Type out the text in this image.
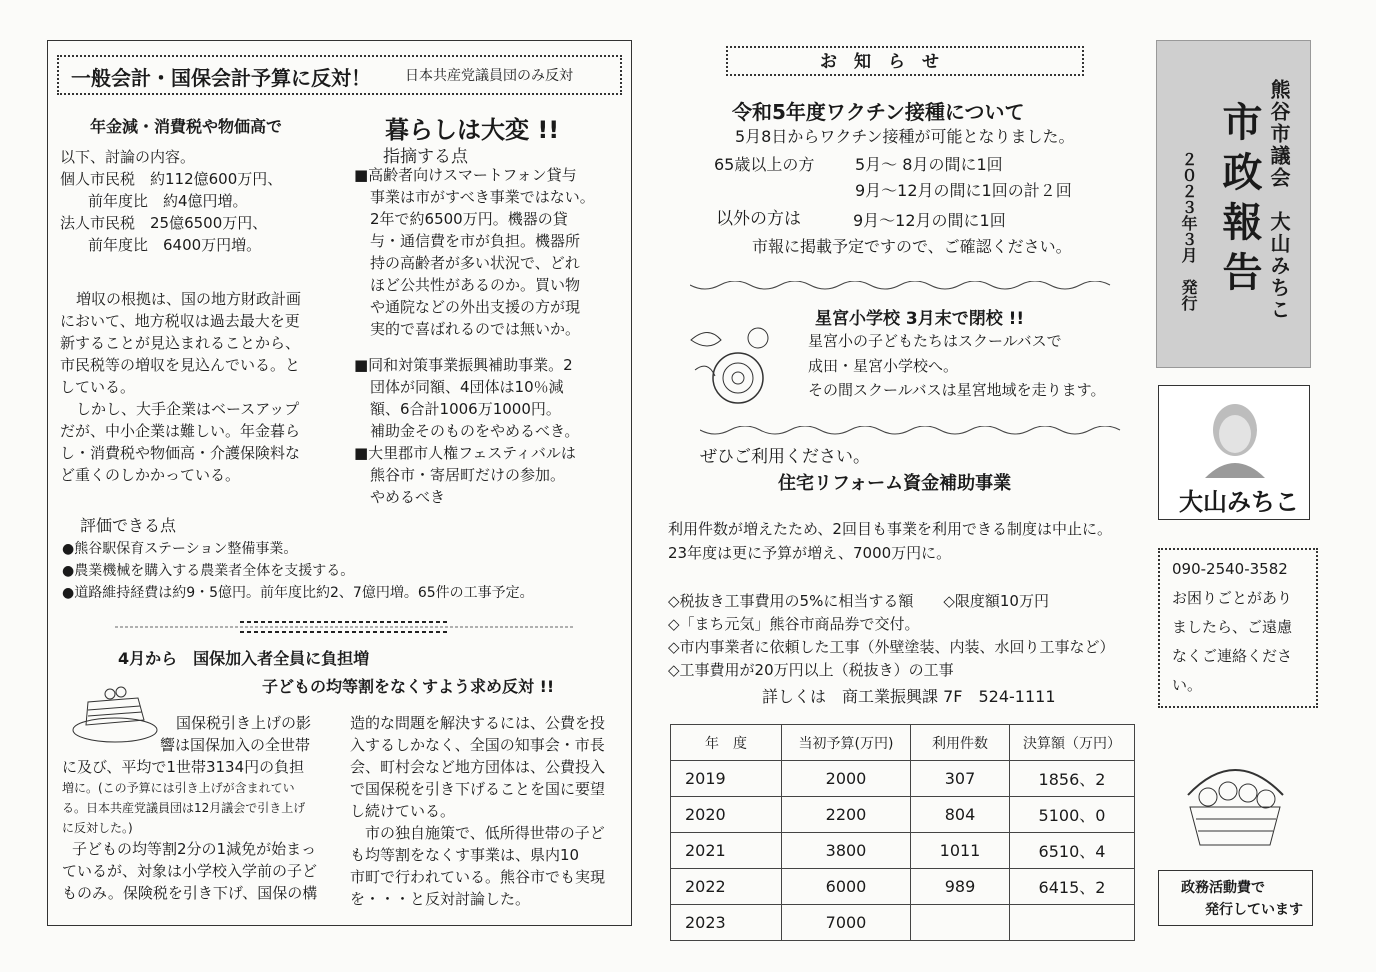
一般会計・国保会計予算に反対！ 日本共産党議員団のみ反対
年金減・消費税や物価高で	暮らしは大変 !!
指摘する点
以下、討論の内容。
個人市民税　約112億600万円、
前年度比　約4億円増。
法人市民税　25億6500万円、
前年度比　6400万円増。
増収の根拠は、国の地方財政計画
において、地方税収は過去最大を更
新することが見込まれることから、
市民税等の増収を見込んでいる。と
している。
しかし、大手企業はベースアップ
だが、中小企業は難しい。年金暮ら
し・消費税や物価高・介護保険料な
ど重くのしかかっている。
■高齢者向けスマートフォン貸与
事業は市がすべき事業ではない。
2年で約6500万円。機器の貸
与・通信費を市が負担。機器所
持の高齢者が多い状況で、どれ
ほど公共性があるのか。買い物
や通院などの外出支援の方が現
実的で喜ばれるのでは無いか。
■同和対策事業振興補助事業。2
団体が同額、4団体は10％減
額、6合計1006万1000円。
補助金そのものをやめるべき。
■大里郡市人権フェスティバルは
熊谷市・寄居町だけの参加。
やめるべき
評価できる点
●熊谷駅保育ステーション整備事業。
●農業機械を購入する農業者全体を支援する。
●道路維持経費は約9・5億円。前年度比約2、7億円増。65件の工事予定。
4月から　国保加入者全員に負担増
子どもの均等割をなくすよう求め反対 !!
国保税引き上げの影
響は国保加入の全世帯
に及び、平均で1世帯3134円の負担
増に。(この予算には引き上げが含まれてい
る。日本共産党議員団は12月議会で引き上げ
に反対した。)
子どもの均等割2分の1減免が始まっ
ているが、対象は小学校入学前の子ど
ものみ。保険税を引き下げ、国保の構
造的な問題を解決するには、公費を投
入するしかなく、全国の知事会・市長
会、町村会など地方団体は、公費投入
で国保税を引き下げることを国に要望
し続けている。
　市の独自施策で、低所得世帯の子ど
も均等割をなくす事業は、県内10
市町で行われている。熊谷市でも実現
を・・・と反対討論した。
お　知　ら　せ
令和5年度ワクチン接種について
5月8日からワクチン接種が可能となりました。
65歳以上の方	5月～ 8月の間に1回
9月～12月の間に1回の計２回
以外の方は	9月～12月の間に1回
市報に掲載予定ですので、ご確認ください。
星宮小学校 3月末で閉校 !!
星宮小の子どもたちはスクールバスで
成田・星宮小学校へ。
その間スクールバスは星宮地域を走ります。
ぜひご利用ください。
住宅リフォーム資金補助事業
利用件数が増えたため、2回目も事業を利用できる制度は中止に。
23年度は更に予算が増え、7000万円に。
◇税抜き工事費用の5%に相当する額　　◇限度額10万円
◇「まち元気」熊谷市商品券で交付。
◇市内事業者に依頼した工事（外壁塗装、内装、水回り工事など）
◇工事費用が20万円以上（税抜き）の工事
詳しくは　商工業振興課 7F　524-1111
年　度	当初予算(万円)	利用件数	決算額（万円）
2019	2000	307	1856、2
2020	2200	804	5100、0
2021	3800	1011	6510、4
2022	6000	989	6415、2
2023	7000		
熊谷市議会　大山みちこ
市政報告
２０２３年３月　発行
大山みちこ
090-2540-3582
お困りごとがあり
ましたら、ご遠慮
なくご連絡くださ
い。
政務活動費で
発行しています
